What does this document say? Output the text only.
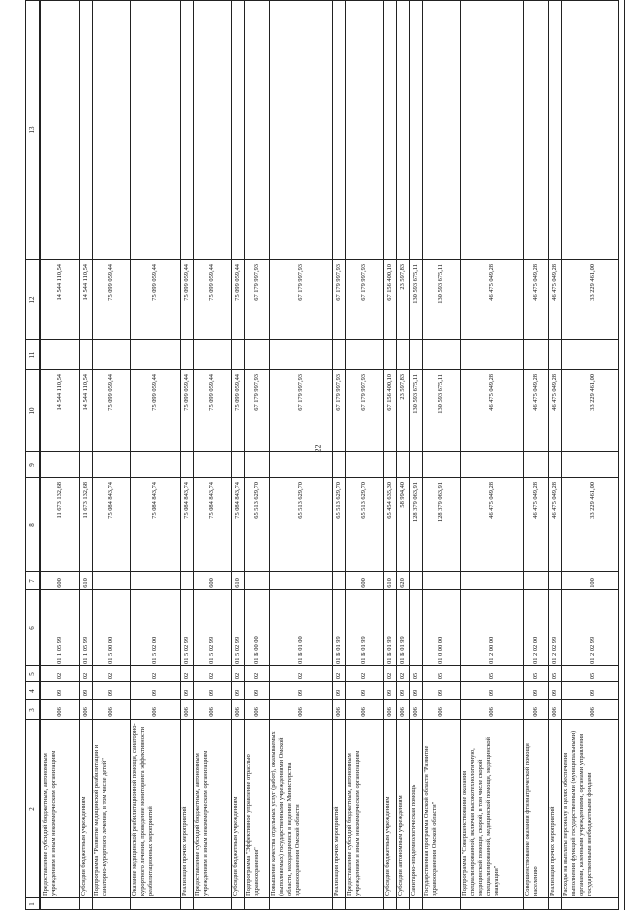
22
1
2
3
4
5
6
7
8
9
10
11
12
13
Предоставление субсидий бюджетным, автономным учреждениям и иным некоммерческим организациям
006
09
02
01 1 05 99
600
11 673 132,68
14 544 110,54
14 544 110,54
Субсидии бюджетным учреждениям
006
09
02
01 1 05 99
610
11 673 132,68
14 544 110,54
14 544 110,54
Подпрограмма "Развитие медицинской реабилитации и санаторно-курортного лечения, в том числе детей"
006
09
02
01 5 00 00
75 084 843,74
75 099 059,44
75 099 059,44
Оказание медицинской реабилитационной помощи, санаторно-курортного лечения, проведение мониторинга эффективности реабилитационных мероприятий
006
09
02
01 5 02 00
75 084 843,74
75 099 059,44
75 099 059,44
Реализация прочих мероприятий
006
09
02
01 5 02 99
75 084 843,74
75 099 059,44
75 099 059,44
Предоставление субсидий бюджетным, автономным учреждениям и иным некоммерческим организациям
006
09
02
01 5 02 99
600
75 084 843,74
75 099 059,44
75 099 059,44
Субсидии бюджетным учреждениям
006
09
02
01 5 02 99
610
75 084 843,74
75 099 059,44
75 099 059,44
Подпрограмма "Эффективное управление отраслью здравоохранения"
006
09
02
01 Б 00 00
65 513 629,70
67 179 997,93
67 179 997,93
Повышение качества отдельных услуг (работ), оказываемых (выполняемых) государственными учреждениями Омской области, находящимися в ведении Министерства здравоохранения Омской области
006
09
02
01 Б 01 00
65 513 629,70
67 179 997,93
67 179 997,93
Реализация прочих мероприятий
006
09
02
01 Б 01 99
65 513 629,70
67 179 997,93
67 179 997,93
Предоставление субсидий бюджетным, автономным учреждениям и иным некоммерческим организациям
006
09
02
01 Б 01 99
600
65 513 629,70
67 179 997,93
67 179 997,93
Субсидии бюджетным учреждениям
006
09
02
01 Б 01 99
610
65 454 635,30
67 156 400,10
67 156 400,10
Субсидии автономным учреждениям
006
09
02
01 Б 01 99
620
58 994,40
23 597,83
23 597,83
Санитарно-эпидемиологическая помощь
006
09
05
128 379 063,91
130 593 675,11
130 593 675,11
Государственная программа Омской области "Развитие здравоохранения Омской области"
006
09
05
01 0 00 00
128 379 063,91
130 593 675,11
130 593 675,11
Подпрограмма "Совершенствование оказания специализированной, включая высокотехнологичную, медицинской помощи, скорой, в том числе скорой специализированной, медицинской помощи, медицинской эвакуации"
006
09
05
01 2 00 00
46 475 049,28
46 475 049,28
46 475 049,28
Совершенствование оказания фтизиатрической помощи населению
006
09
05
01 2 02 00
46 475 049,28
46 475 049,28
46 475 049,28
Реализация прочих мероприятий
006
09
05
01 2 02 99
46 475 049,28
46 475 049,28
46 475 049,28
Расходы на выплаты персоналу в целях обеспечения выполнения функций государственными (муниципальными) органами, казенными учреждениями, органами управления государственными внебюджетными фондами
006
09
05
01 2 02 99
100
33 229 461,00
33 229 461,00
33 229 461,00
